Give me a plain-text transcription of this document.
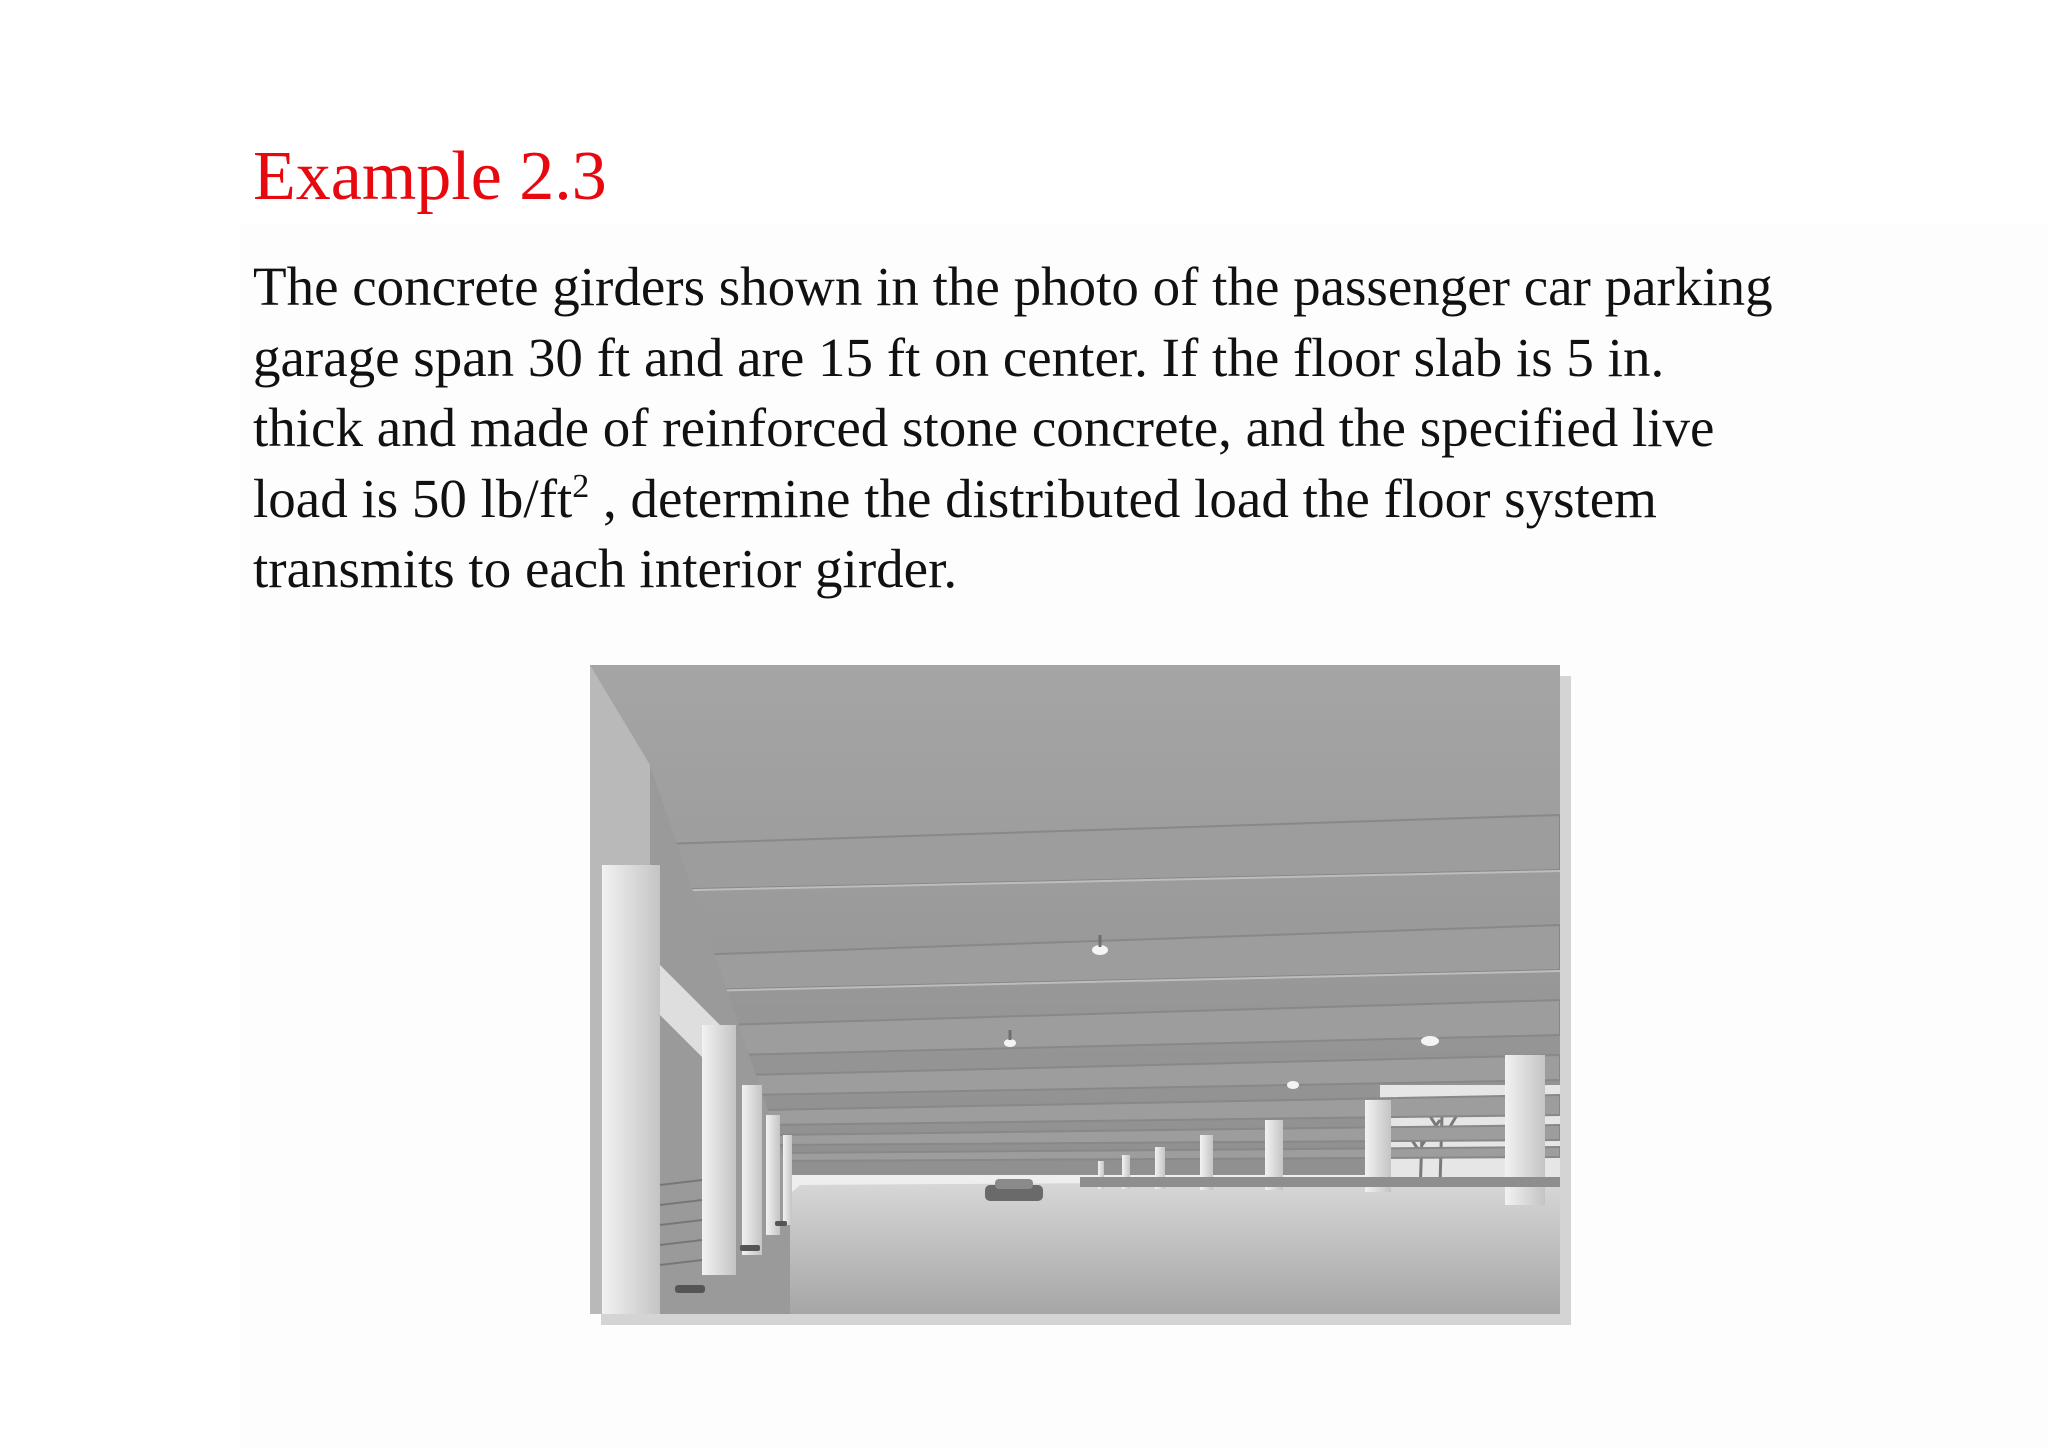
Example 2.3

The concrete girders shown in the photo of the passenger car parking
garage span 30 ft and are 15 ft on center. If the floor slab is 5 in.
thick and made of reinforced stone concrete, and the specified live
load is 50 $lb/ft^2$ , determine the distributed load the floor system
transmits to each interior girder.
